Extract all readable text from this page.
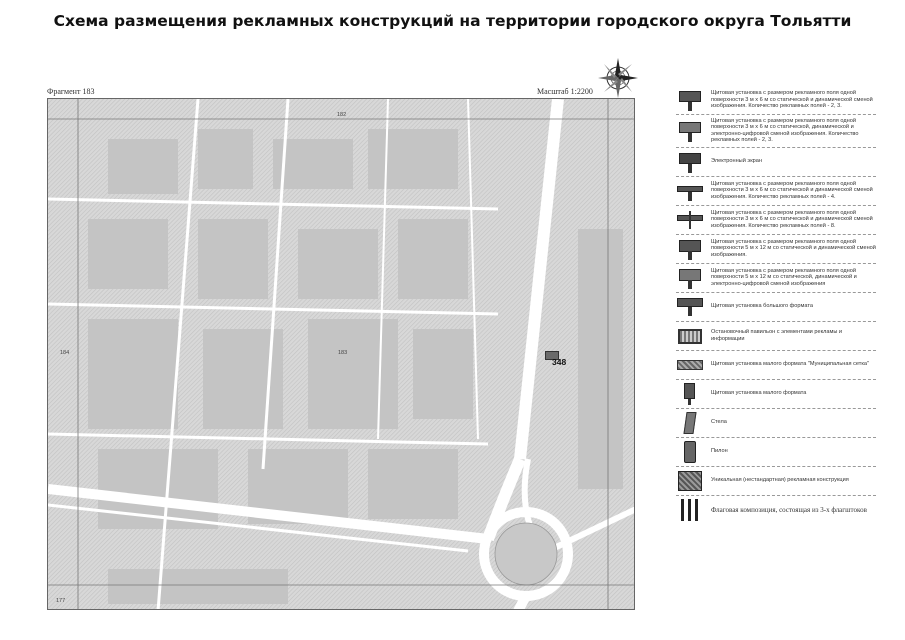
Схема размещения рекламных конструкций на территории городского округа Тольятти
Фрагмент 183	Масштаб 1:2200
182
184	183
177
348
Щитовая установка с размером рекламного поля одной поверхности 3 м х 6 м со статической и динамической сменой изображения. Количество рекламных полей - 2, 3.
Щитовая установка с размером рекламного поля одной поверхности 3 м х 6 м со статической, динамической и электронно-цифровой сменой изображения. Количество рекламных полей - 2, 3.
Электронный экран
Щитовая установка с размером рекламного поля одной поверхности 3 м х 6 м со статической и динамической сменой изображения. Количество рекламных полей - 4.
Щитовая установка с размером рекламного поля одной поверхности 3 м х 6 м со статической и динамической сменой изображения. Количество рекламных полей - 8.
Щитовая установка с размером рекламного поля одной поверхности 5 м х 12 м со статической и динамической сменой изображения.
Щитовая установка с размером рекламного поля одной поверхности 5 м х 12 м со статической, динамической и электронно-цифровой сменой изображения
Щитовая установка большого формата
Остановочный павильон с элементами рекламы и информации
Щитовая установка малого формата "Муниципальная сетка"
Щитовая установка малого формата
Стела
Пилон
Уникальная (нестандартная) рекламная конструкция
Флаговая композиция, состоящая из 3-х флагштоков
